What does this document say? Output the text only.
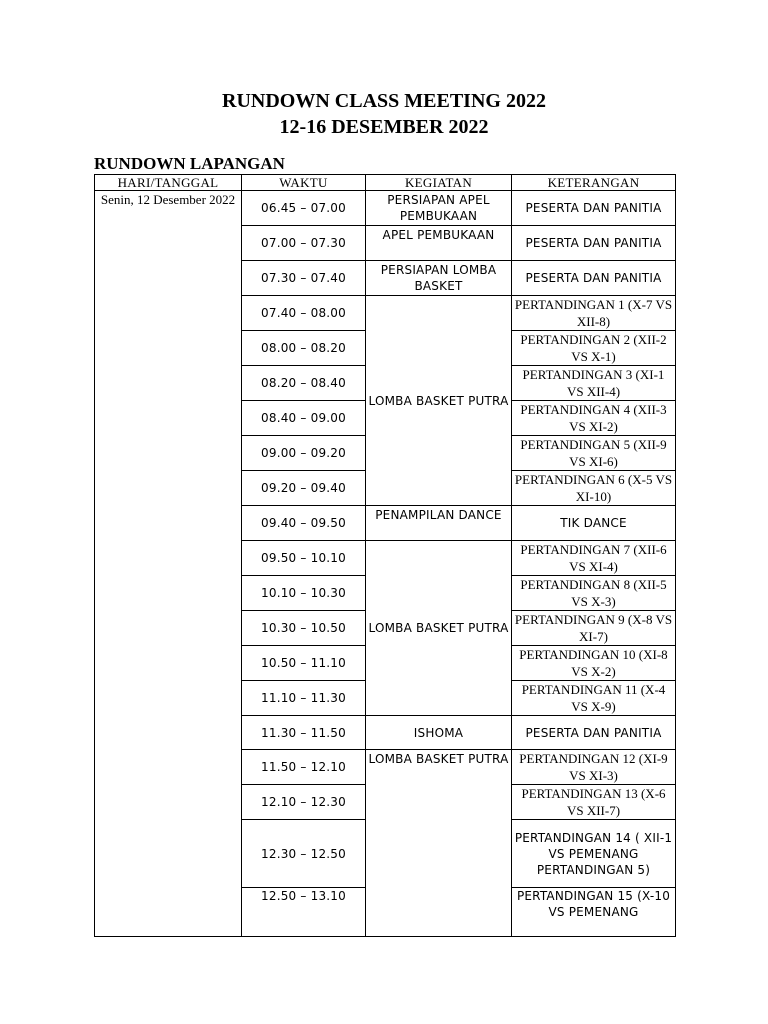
RUNDOWN CLASS MEETING 2022
12-16 DESEMBER 2022
RUNDOWN LAPANGAN
HARI/TANGGAL	WAKTU	KEGIATAN	KETERANGAN
Senin, 12 Desember 2022	06.45 – 07.00	PERSIAPAN APEL PEMBUKAAN	PESERTA DAN PANITIA
	07.00 – 07.30	APEL PEMBUKAAN	PESERTA DAN PANITIA
	07.30 – 07.40	PERSIAPAN LOMBA BASKET	PESERTA DAN PANITIA
	07.40 – 08.00	LOMBA BASKET PUTRA	PERTANDINGAN 1 (X-7 VS XII-8)
	08.00 – 08.20		PERTANDINGAN 2 (XII-2 VS X-1)
	08.20 – 08.40		PERTANDINGAN 3 (XI-1 VS XII-4)
	08.40 – 09.00		PERTANDINGAN 4 (XII-3 VS XI-2)
	09.00 – 09.20		PERTANDINGAN 5 (XII-9 VS XI-6)
	09.20 – 09.40		PERTANDINGAN 6 (X-5 VS XI-10)
	09.40 – 09.50	PENAMPILAN DANCE	TIK DANCE
	09.50 – 10.10	LOMBA BASKET PUTRA	PERTANDINGAN 7 (XII-6 VS XI-4)
	10.10 – 10.30		PERTANDINGAN 8 (XII-5 VS X-3)
	10.30 – 10.50		PERTANDINGAN 9 (X-8 VS XI-7)
	10.50 – 11.10		PERTANDINGAN 10 (XI-8 VS X-2)
	11.10 – 11.30		PERTANDINGAN 11 (X-4 VS X-9)
	11.30 – 11.50	ISHOMA	PESERTA DAN PANITIA
	11.50 – 12.10	LOMBA BASKET PUTRA	PERTANDINGAN 12 (XI-9 VS XI-3)
	12.10 – 12.30		PERTANDINGAN 13 (X-6 VS XII-7)
	12.30 – 12.50		PERTANDINGAN 14 ( XII-1 VS PEMENANG PERTANDINGAN 5)
	12.50 – 13.10		PERTANDINGAN 15 (X-10 VS PEMENANG
